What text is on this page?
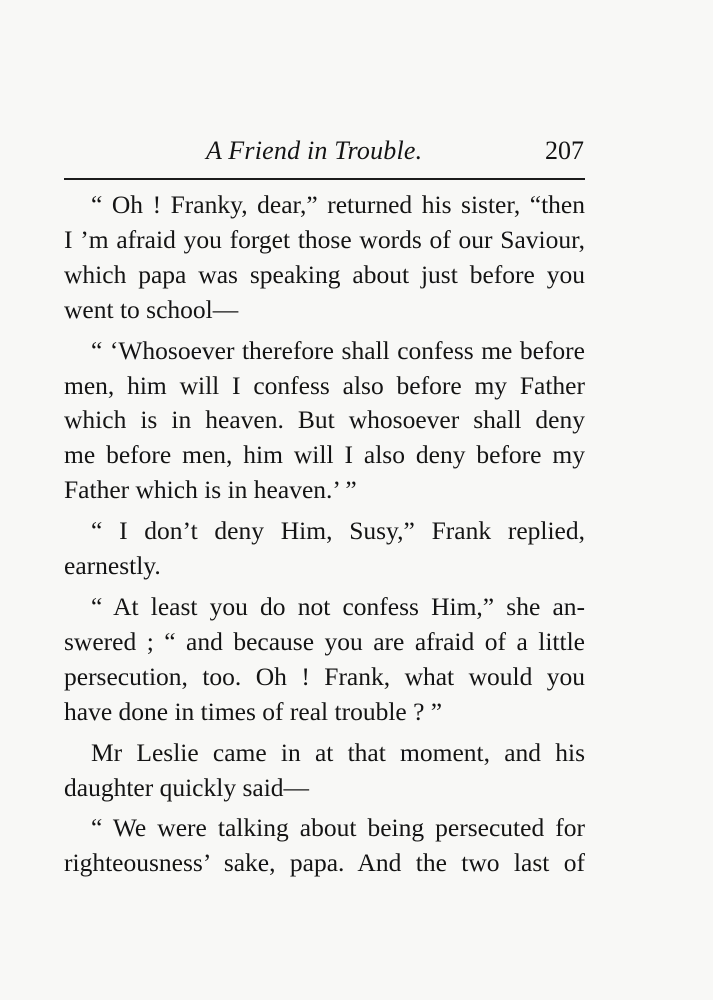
A Friend in Trouble.	207
“ Oh ! Franky, dear,” returned his sister, “then
I ’m afraid you forget those words of our Saviour,
which papa was speaking about just before you
went to school—
“ ‘Whosoever therefore shall confess me before
men, him will I confess also before my Father
which is in heaven. But whosoever shall deny
me before men, him will I also deny before my
Father which is in heaven.’ ”
“ I don’t deny Him, Susy,” Frank replied,
earnestly.
“ At least you do not confess Him,” she an-
swered ; “ and because you are afraid of a little
persecution, too. Oh ! Frank, what would you
have done in times of real trouble ? ”
Mr Leslie came in at that moment, and his
daughter quickly said—
“ We were talking about being persecuted for
righteousness’ sake, papa. And the two last of
